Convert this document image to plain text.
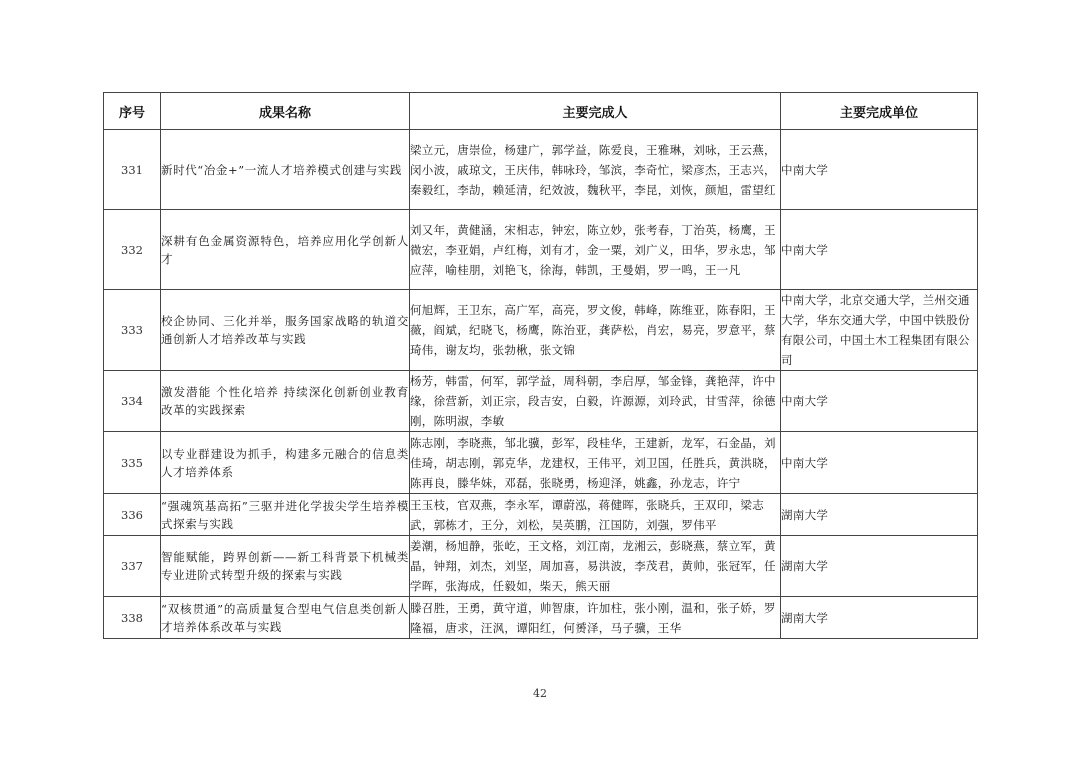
序号	成果名称	主要完成人	主要完成单位
331	新时代“冶金+”一流人才培养模式创建与实践	梁立元，唐崇俭，杨建广，郭学益，陈爱良，王雅琳，刘咏，王云燕，闵小波，戚琼文，王庆伟，韩咏玲，邹滨，李奇忙，梁彦杰，王志兴，秦毅红，李劼，赖延清，纪效波，魏秋平，李昆，刘恢，颜旭，雷望红	中南大学
332	深耕有色金属资源特色，培养应用化学创新人才	刘又年，黄健涵，宋相志，钟宏，陈立妙，张考春，丁治英，杨鹰，王微宏，李亚娟，卢红梅，刘有才，金一粟，刘广义，田华，罗永忠，邹应萍，喻桂朋，刘艳飞，徐海，韩凯，王曼娟，罗一鸣，王一凡	中南大学
333	校企协同、三化并举，服务国家战略的轨道交通创新人才培养改革与实践	何旭辉，王卫东，高广军，高亮，罗文俊，韩峰，陈维亚，陈春阳，王薇，阎斌，纪晓飞，杨鹰，陈治亚，龚萨松，肖宏，易亮，罗意平，蔡琦伟，谢友均，张勃楸，张文锦	中南大学，北京交通大学，兰州交通大学，华东交通大学，中国中铁股份有限公司，中国土木工程集团有限公司
334	激发潜能 个性化培养 持续深化创新创业教育改革的实践探索	杨芳，韩雷，何军，郭学益，周科朝，李启厚，邹金锋，龚艳萍，许中缘，徐营新，刘正宗，段吉安，白毅，许源源，刘玲武，甘雪萍，徐德刚，陈明淑，李敏	中南大学
335	以专业群建设为抓手，构建多元融合的信息类人才培养体系	陈志刚，李晓燕，邹北骥，彭军，段桂华，王建新，龙军，石金晶，刘佳琦，胡志刚，郭克华，龙建权，王伟平，刘卫国，任胜兵，黄洪晓，陈再良，滕华妹，邓磊，张晓勇，杨迎泽，姚鑫，孙龙志，许宁	中南大学
336	“强魂筑基高拓”三驱并进化学拔尖学生培养模式探索与实践	王玉枝，官双燕，李永军，谭蔚泓，蒋健晖，张晓兵，王双印，梁志武，郭栋才，王分，刘松，吴英鹏，江国防，刘强，罗伟平	湖南大学
337	智能赋能，跨界创新——新工科背景下机械类专业进阶式转型升级的探索与实践	姜潮，杨旭静，张屹，王文格，刘江南，龙湘云，彭晓燕，蔡立军，黄晶，钟翔，刘杰，刘坚，周加喜，易洪波，李茂君，黄帅，张冠军，任学晖，张海成，任毅如，柴天，熊天丽	湖南大学
338	“双核贯通”的高质量复合型电气信息类创新人才培养体系改革与实践	滕召胜，王勇，黄守道，帅智康，许加柱，张小刚，温和，张子娇，罗隆福，唐求，汪沨，谭阳红，何赟泽，马子骥，王华	湖南大学
42
